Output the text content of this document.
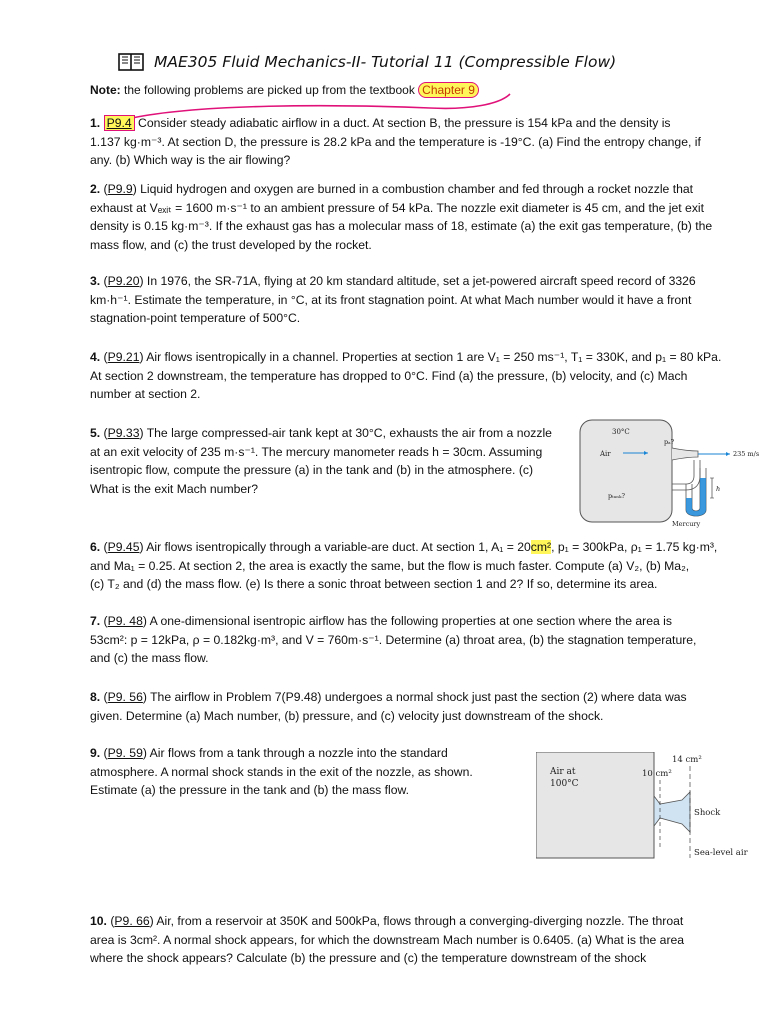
MAE305 Fluid Mechanics-II- Tutorial 11 (Compressible Flow)
Note: the following problems are picked up from the textbook Chapter 9
1. P9.4 Consider steady adiabatic airflow in a duct. At section B, the pressure is 154 kPa and the density is
1.137 kg·m⁻³. At section D, the pressure is 28.2 kPa and the temperature is -19°C. (a) Find the entropy change, if
any. (b) Which way is the air flowing?
2. (P9.9) Liquid hydrogen and oxygen are burned in a combustion chamber and fed through a rocket nozzle that
exhaust at Vₑₓᵢₜ = 1600 m·s⁻¹ to an ambient pressure of 54 kPa. The nozzle exit diameter is 45 cm, and the jet exit
density is 0.15 kg·m⁻³. If the exhaust gas has a molecular mass of 18, estimate (a) the exit gas temperature, (b) the
mass flow, and (c) the trust developed by the rocket.
3. (P9.20) In 1976, the SR-71A, flying at 20 km standard altitude, set a jet-powered aircraft speed record of 3326
km·h⁻¹. Estimate the temperature, in °C, at its front stagnation point. At what Mach number would it have a front
stagnation-point temperature of 500°C.
4. (P9.21) Air flows isentropically in a channel. Properties at section 1 are V₁ = 250 ms⁻¹, T₁ = 330K, and p₁ = 80 kPa.
At section 2 downstream, the temperature has dropped to 0°C. Find (a) the pressure, (b) velocity, and (c) Mach
number at section 2.
5. (P9.33) The large compressed-air tank kept at 30°C, exhausts the air from a nozzle
at an exit velocity of 235 m·s⁻¹. The mercury manometer reads h = 30cm. Assuming
isentropic flow, compute the pressure (a) in the tank and (b) in the atmosphere. (c)
What is the exit Mach number?
30°C
Air
pₐ?
235 m/s
h
pₜₐₙₖ?
Mercury
6. (P9.45) Air flows isentropically through a variable-are duct. At section 1, A₁ = 20cm², p₁ = 300kPa, ρ₁ = 1.75 kg·m³,
and Ma₁ = 0.25. At section 2, the area is exactly the same, but the flow is much faster. Compute (a) V₂, (b) Ma₂,
(c) T₂ and (d) the mass flow. (e) Is there a sonic throat between section 1 and 2? If so, determine its area.
7. (P9. 48) A one-dimensional isentropic airflow has the following properties at one section where the area is
53cm²: p = 12kPa, ρ = 0.182kg·m³, and V = 760m·s⁻¹. Determine (a) throat area, (b) the stagnation temperature,
and (c) the mass flow.
8. (P9. 56) The airflow in Problem 7(P9.48) undergoes a normal shock just past the section (2) where data was
given. Determine (a) Mach number, (b) pressure, and (c) velocity just downstream of the shock.
9. (P9. 59) Air flows from a tank through a nozzle into the standard
atmosphere. A normal shock stands in the exit of the nozzle, as shown.
Estimate (a) the pressure in the tank and (b) the mass flow.
Air at
100°C
10 cm²
14 cm²
Shock
Sea-level air
10. (P9. 66) Air, from a reservoir at 350K and 500kPa, flows through a converging-diverging nozzle. The throat
area is 3cm². A normal shock appears, for which the downstream Mach number is 0.6405. (a) What is the area
where the shock appears? Calculate (b) the pressure and (c) the temperature downstream of the shock
